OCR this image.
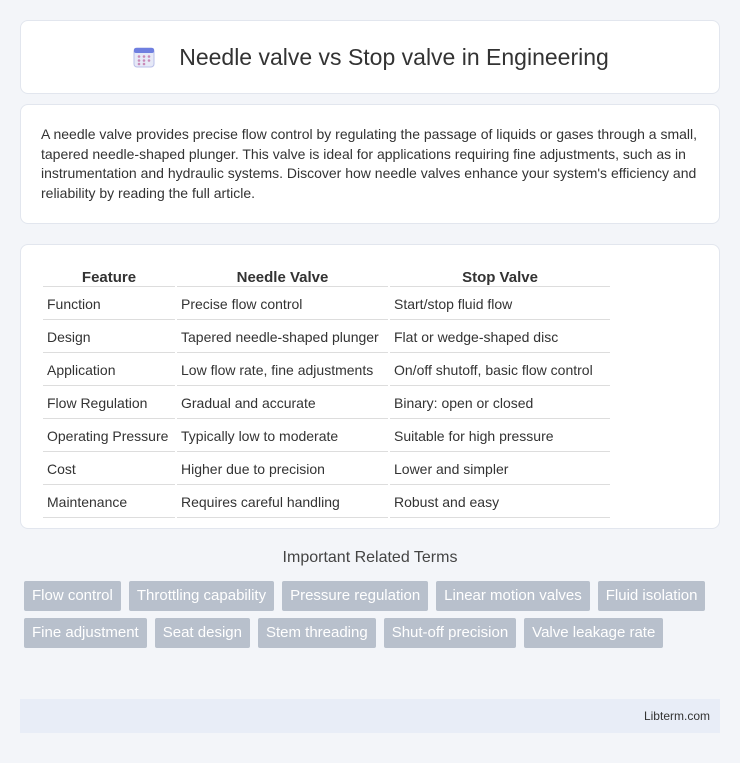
Needle valve vs Stop valve in Engineering

A needle valve provides precise flow control by regulating the passage of liquids or gases through a small, tapered needle-shaped plunger. This valve is ideal for applications requiring fine adjustments, such as in instrumentation and hydraulic systems. Discover how needle valves enhance your system's efficiency and reliability by reading the full article.

Feature	Needle Valve	Stop Valve
Function	Precise flow control	Start/stop fluid flow
Design	Tapered needle-shaped plunger	Flat or wedge-shaped disc
Application	Low flow rate, fine adjustments	On/off shutoff, basic flow control
Flow Regulation	Gradual and accurate	Binary: open or closed
Operating Pressure	Typically low to moderate	Suitable for high pressure
Cost	Higher due to precision	Lower and simpler
Maintenance	Requires careful handling	Robust and easy
Important Related Terms
Flow control Throttling capability Pressure regulation Linear motion valves Fluid isolationFine adjustment Seat design Stem threading Shut-off precision Valve leakage rate
Libterm.com
